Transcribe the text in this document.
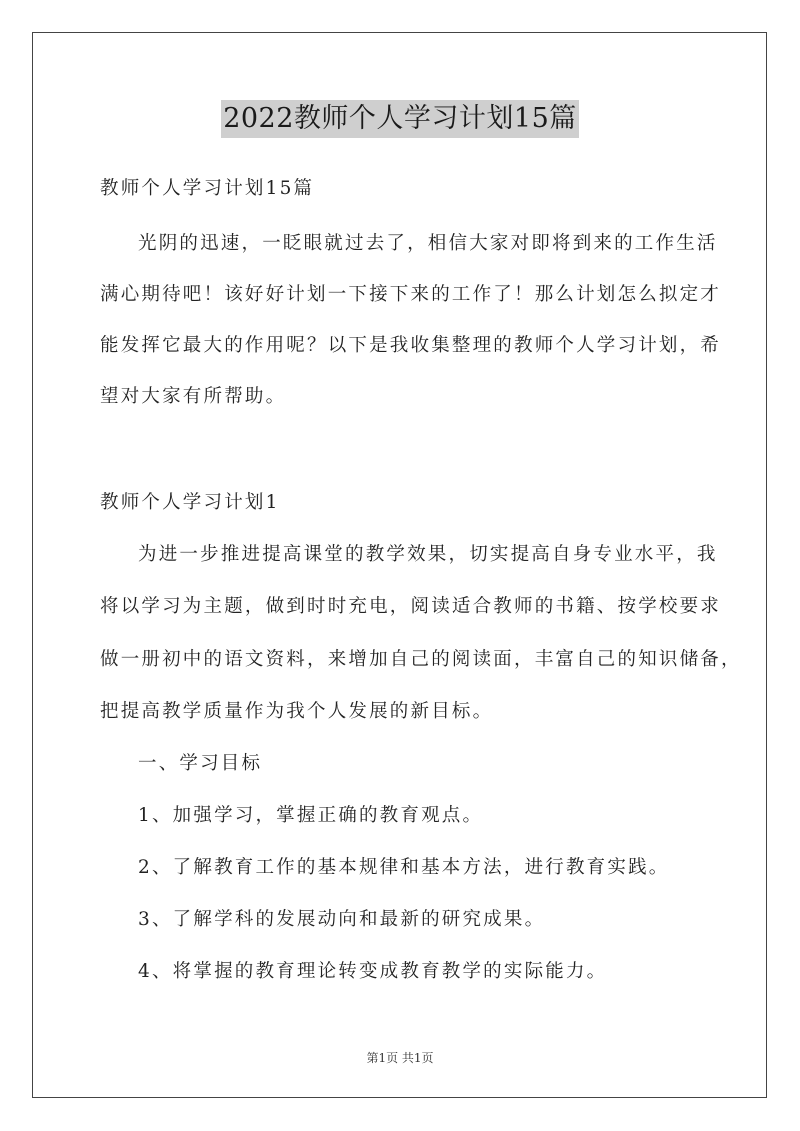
2022教师个人学习计划15篇
教师个人学习计划15篇
光阴的迅速，一眨眼就过去了，相信大家对即将到来的工作生活
满心期待吧！该好好计划一下接下来的工作了！那么计划怎么拟定才
能发挥它最大的作用呢？以下是我收集整理的教师个人学习计划，希
望对大家有所帮助。
教师个人学习计划1
为进一步推进提高课堂的教学效果，切实提高自身专业水平，我
将以学习为主题，做到时时充电，阅读适合教师的书籍、按学校要求
做一册初中的语文资料，来增加自己的阅读面，丰富自己的知识储备，
把提高教学质量作为我个人发展的新目标。
一、学习目标
1、加强学习，掌握正确的教育观点。
2、了解教育工作的基本规律和基本方法，进行教育实践。
3、了解学科的发展动向和最新的研究成果。
4、将掌握的教育理论转变成教育教学的实际能力。
第1页 共1页
